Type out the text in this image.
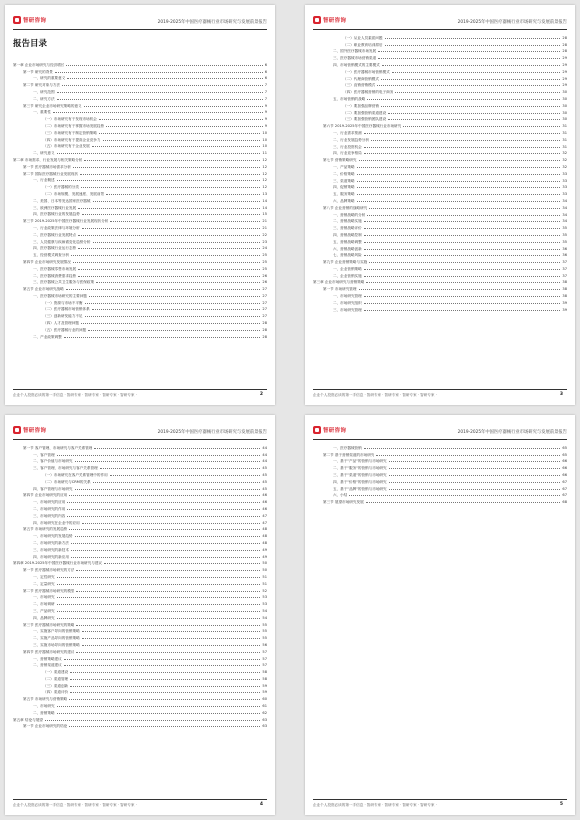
智研咨询	2019-2025年中国医疗器械行业市场研究与发展前景报告
企业个人投资必读的第一手信息 · 智研专家 · 智研专家 · 智研专家 · 智研专家 ·	2
报告目录
第一章 企业市场研究与经济增长	6
第一节 研究的背景	6
一、研究的重要意义	6
第二节 研究对象与方法	7
一、研究范围	7
二、研究方法	7
第三节 研究企业市场研究策略的意义	9
一、重要性	9
（一）市场研究有于发现市场机会	9
（二）市场研究有于掌握市场发展趋势	9
（三）市场研究有于制定营销策略	10
（四）市场研究有于提高企业竞争力	10
（五）市场研究有于企业发展	10
二、研究意义	11
第二章 市场需求、行业发展与相关策略分析	12
第一节 医疗器械市场需求分析	12
第二节 国际医疗器械行业发展现状	12
一、行业概述	12
（一）医疗器械的分类	12
（二）市场规模、发展速度、发展前景	13
二、美国、日本等发达国家医疗器械	14
三、欧洲医疗器械行业发展	14
四、医疗器械行业的发展趋势	15
第三节 2019-2025年中国医疗器械行业发展现状分析	21
一、行业政策法律与环境分析	21
二、医疗器械行业发展特点	22
三、人员健康与疾病谱变化趋势分析	23
四、医疗器械行业运行态势	24
五、经营模式调查分析	25
第四节 企业市场研究发展情况	25
一、医疗器械零售市场发展	25
二、医疗器械消费需求趋势	26
三、医疗器械公共卫生服务与医保政策	26
第五节 企业市场研究战略	27
一、医疗器械市场研究的主要问题	27
（一）资源与市场不平衡	27
（二）医疗器械市场营销体系	27
（三）创新研发能力不足	27
（四）人才及管理问题	28
（五）医疗器械行业的问题	28
二、产业政策调整	28
智研咨询	2019-2025年中国医疗器械行业市场研究与发展前景报告
企业个人投资必读的第一手信息 · 智研专家 · 智研专家 · 智研专家 · 智研专家 ·	3
（一）从业人员素质问题	28
（二）职业教育培训滞后	28
二、国外医疗器械市场发展	28
三、医疗器械市场营销渠道	29
四、市场营销模式的主要模式	29
（一）医疗器械市场营销模式	29
（二）代理商营销模式	29
（三）直销营销模式	29
（四）医疗器械营销的电子商务	30
五、市场营销的战略	30
（一）要加强品牌营销	30
（二）要加强营销渠道建设	30
（三）要加强营销团队建设	30
第六节 2019-2025年中国医疗器械行业市场研究	31
一、行业需求预测	31
二、行业发展趋势分析	31
三、行业投资机会	31
四、行业竞争格局	32
第七节 营销策略研究	32
一、产品策略	32
二、价格策略	33
三、渠道策略	33
四、促销策略	33
五、服务策略	33
六、品牌策略	34
第八节 企业营销的战略研究	34
一、营销战略的分析	34
二、营销战略实施	34
三、营销战略评价	35
四、营销战略控制	35
五、营销战略调整	35
六、营销战略创新	36
七、营销战略风险	36
第九节 企业营销策略与实施	37
一、企业营销策略	37
二、企业营销实施	37
第三章 企业市场研究与营销策略	38
第一节 市场研究管理	38
一、市场研究管理	38
二、市场研究组织	39
三、市场研究管理	39
智研咨询	2019-2025年中国医疗器械行业市场研究与发展前景报告
企业个人投资必读的第一手信息 · 智研专家 · 智研专家 · 智研专家 · 智研专家 ·	4
第一节 客户管理、市场研究与客户关系管理	44
一、客户管理	44
二、客户价值与市场研究	44
三、客户管理、市场研究与客户关系管理	45
（一）市场研究在客户关系管理中的作用	45
（二）市场研究与CRM的关系	45
四、客户管理与市场研究	45
第四节 企业市场研究的应用	46
一、市场研究的应用	46
二、市场研究的作用	46
三、市场研究的内容	47
四、市场研究在企业中的应用	47
第五节 市场研究的发展趋势	48
一、市场研究的发展趋势	48
二、市场研究的新方法	48
三、市场研究的新技术	49
四、市场研究的新应用	49
第四章 2019-2025年中国医疗器械行业市场研究与建议	50
第一节 医疗器械市场研究的方法	50
一、定性研究	51
二、定量研究	51
第二节 医疗器械市场研究的模型	52
一、市场研究	53
二、市场调研	53
三、产品研究	54
四、品牌研究	54
第三节 医疗器械市场研究的策略	55
一、实施客户导向的营销策略	55
二、实施产品导向的营销策略	55
三、实施市场导向的营销策略	56
第四节 医疗器械市场研究的建议	57
一、营销策略建议	57
二、营销渠道建议	57
（一）渠道建设	58
（二）渠道管理	58
（三）渠道创新	59
（四）渠道评价	59
第五节 市场研究与营销策略	60
一、市场研究	61
二、营销策略	62
第五章 结论与展望	63
第一节 企业市场研究的结论	63
智研咨询	2019-2025年中国医疗器械行业市场研究与发展前景报告
企业个人投资必读的第一手信息 · 智研专家 · 智研专家 · 智研专家 · 智研专家 ·	5
一、医疗器械营销	65
第二节 基于营销渠道的市场研究	65
一、基于"产品"的营销与市场研究	66
二、基于"服务"的营销与市场研究	66
三、基于"渠道"的营销与市场研究	66
四、基于"价格"的营销与市场研究	67
五、基于"品牌"的营销与市场研究	67
六、小结	67
第三节 展望市场研究发展	68
